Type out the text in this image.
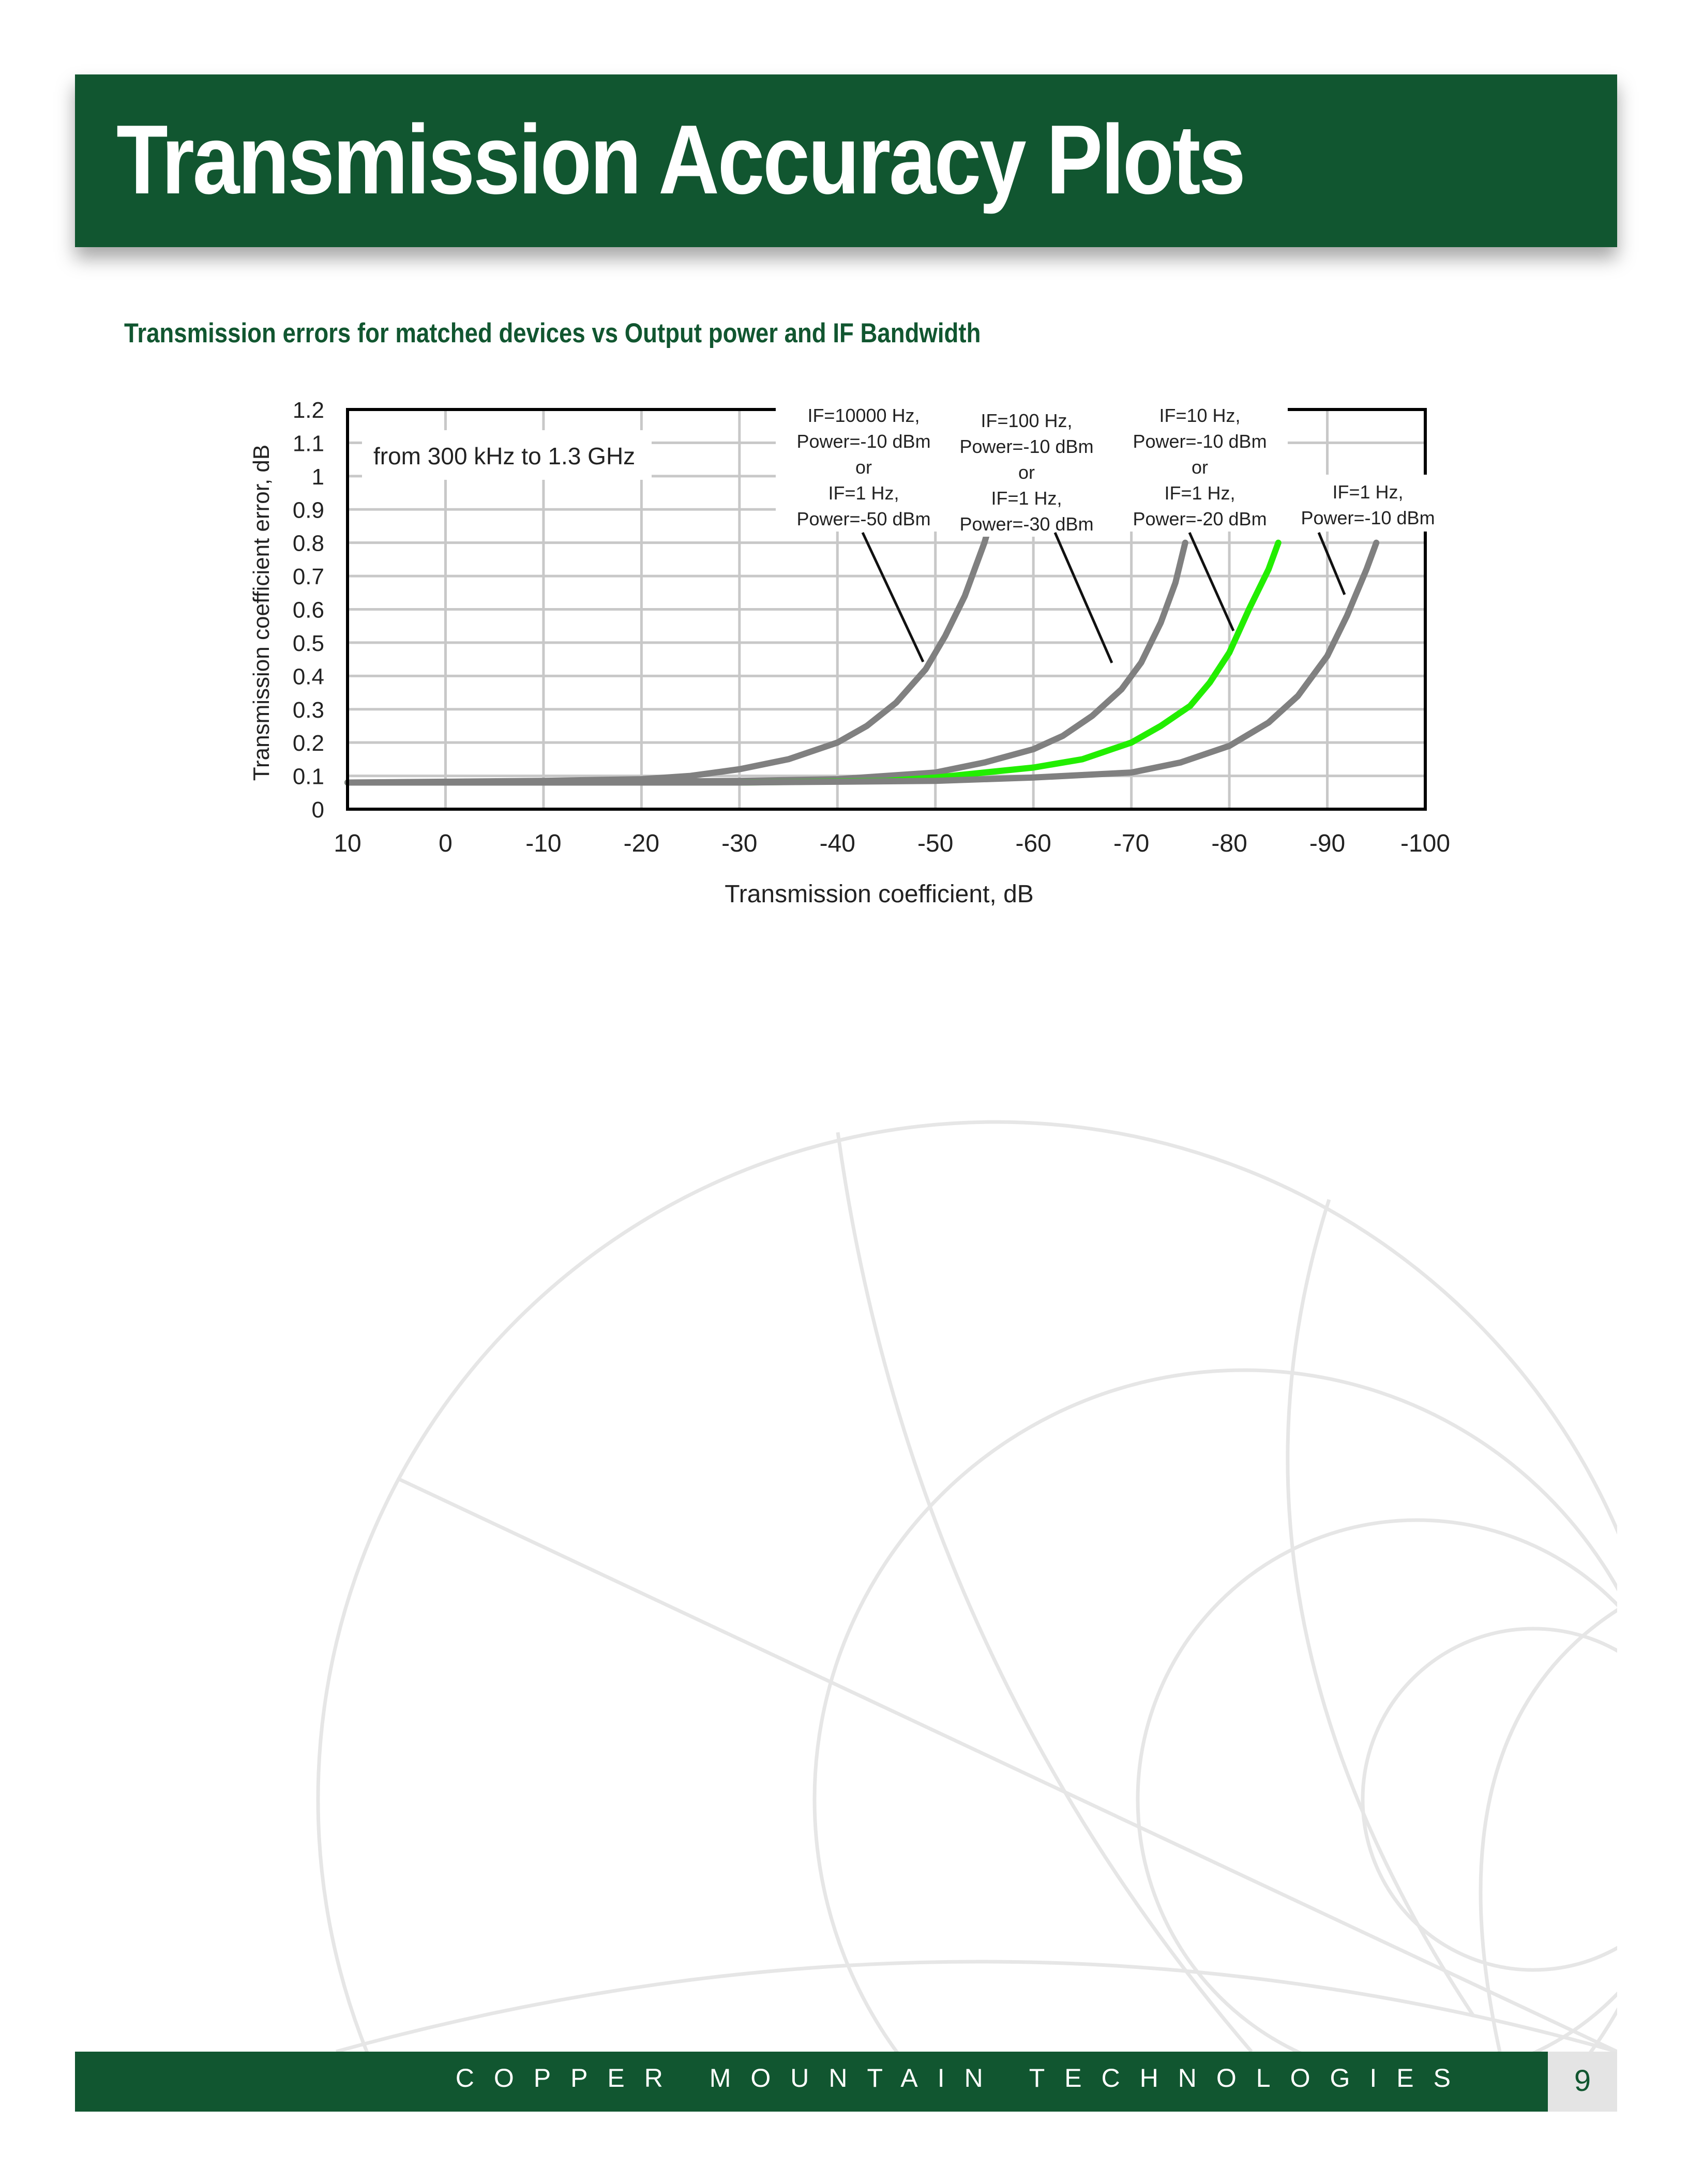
Transmission Accuracy Plots

Transmission errors for matched devices vs Output power and IF Bandwidth

0
0.1
0.2
0.3
0.4
0.5
0.6
0.7
0.8
0.9
1
1.1
1.2
10	0	-10	-20	-30	-40	-50	-60	-70	-80	-90 -100
IF=10000 Hz,
Power=-10 dBm
or
IF=1 Hz,
Power=-50 dBm
IF=100 Hz,
Power=-10 dBm
or
IF=1 Hz,
Power=-30 dBm
IF=10 Hz,
Power=-10 dBm
or
IF=1 Hz,
Power=-20 dBm
IF=1 Hz,
Power=-10 dBm
from 300 kHz to 1.3 GHz
Transmission coefficient, dB
Transmission coefficient error, dB
COPPER MOUNTAIN TECHNOLOGIES	9
